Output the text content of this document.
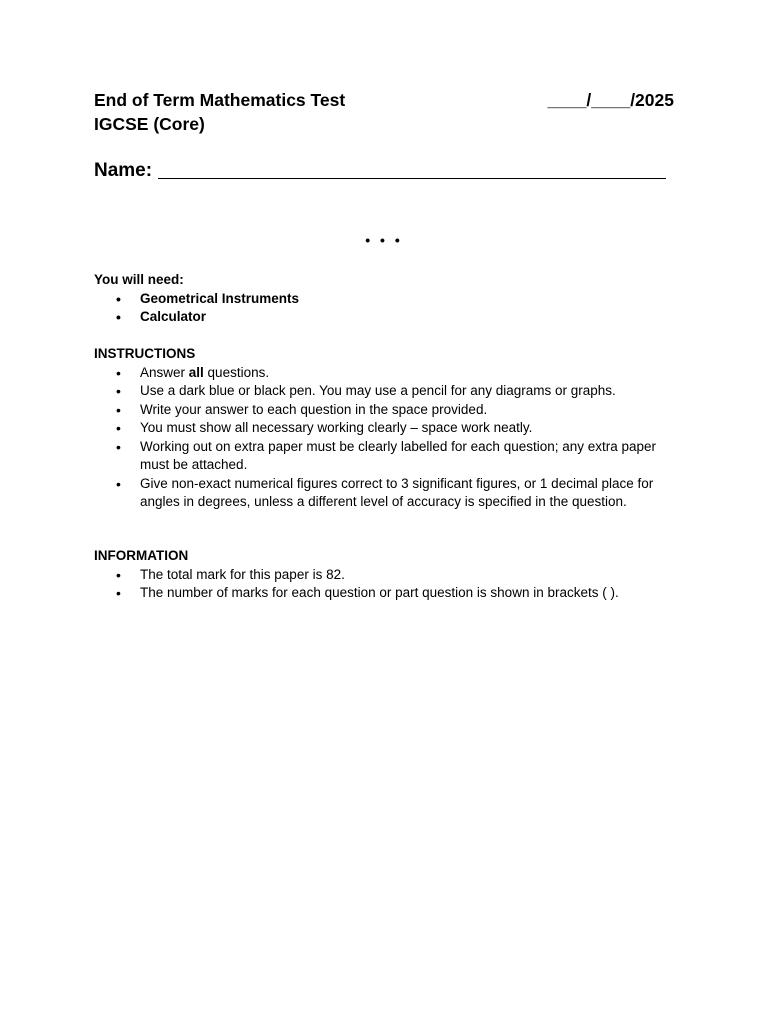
End of Term Mathematics Test	____/____/2025
IGCSE (Core)
Name:
• • •
You will need:
• Geometrical Instruments
• Calculator
INSTRUCTIONS
• Answer all questions.
• Use a dark blue or black pen. You may use a pencil for any diagrams or graphs.
• Write your answer to each question in the space provided.
• You must show all necessary working clearly – space work neatly.
• Working out on extra paper must be clearly labelled for each question; any extra paper must be attached.
• Give non-exact numerical figures correct to 3 significant figures, or 1 decimal place for angles in degrees, unless a different level of accuracy is specified in the question.
INFORMATION
• The total mark for this paper is 82.
• The number of marks for each question or part question is shown in brackets ( ).
